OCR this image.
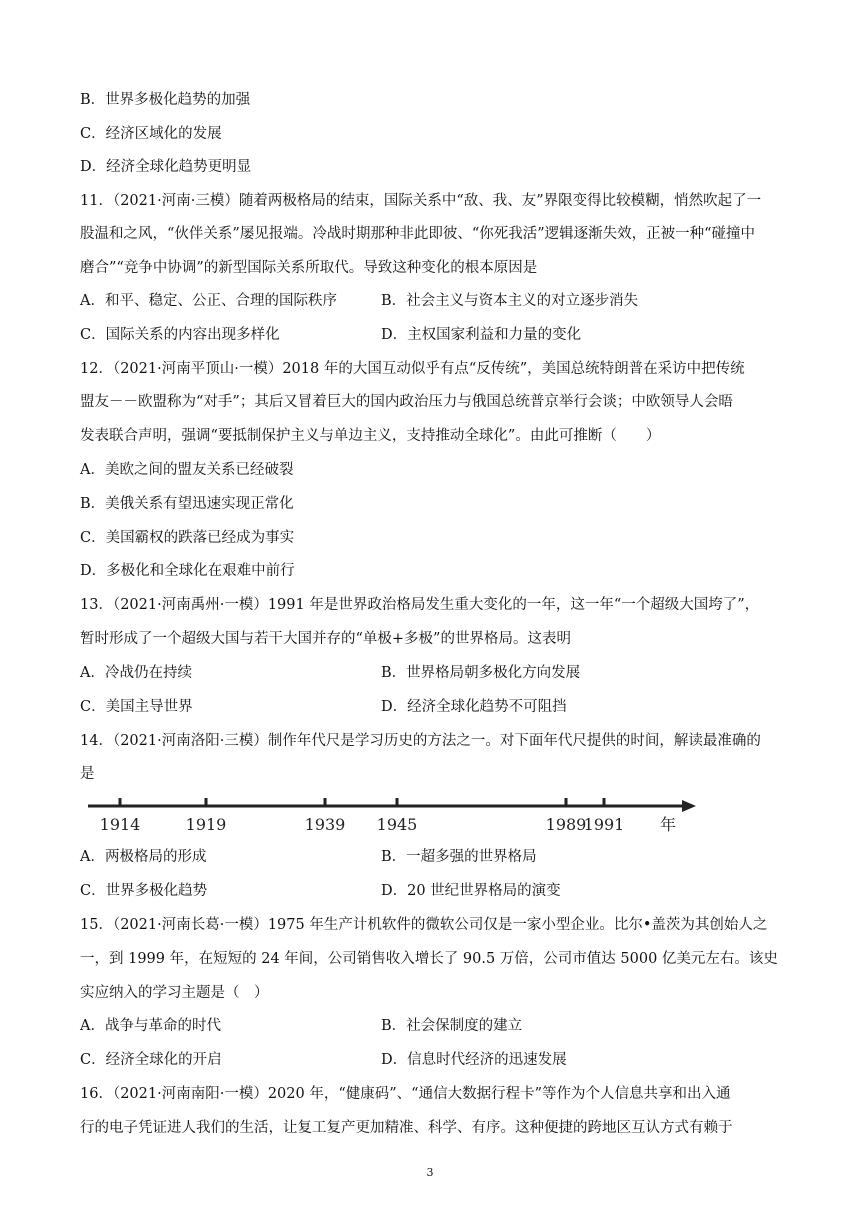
B．世界多极化趋势的加强
C．经济区域化的发展
D．经济全球化趋势更明显
11．（2021·河南·三模）随着两极格局的结束，国际关系中“敌、我、友”界限变得比较模糊，悄然吹起了一
股温和之风，“伙伴关系”屡见报端。冷战时期那种非此即彼、“你死我活”逻辑逐渐失效，正被一种“碰撞中
磨合”“竞争中协调”的新型国际关系所取代。导致这种变化的根本原因是
A．和平、稳定、公正、合理的国际秩序	B．社会主义与资本主义的对立逐步消失
C．国际关系的内容出现多样化	D．主权国家利益和力量的变化
12．（2021·河南平顶山·一模）2018 年的大国互动似乎有点“反传统”，美国总统特朗普在采访中把传统
盟友－－欧盟称为“对手”；其后又冒着巨大的国内政治压力与俄国总统普京举行会谈；中欧领导人会晤
发表联合声明，强调“要抵制保护主义与单边主义，支持推动全球化”。由此可推断（　　）
A．美欧之间的盟友关系已经破裂
B．美俄关系有望迅速实现正常化
C．美国霸权的跌落已经成为事实
D．多极化和全球化在艰难中前行
13．（2021·河南禹州·一模）1991 年是世界政治格局发生重大变化的一年，这一年“一个超级大国垮了”，
暂时形成了一个超级大国与若干大国并存的“单极+多极”的世界格局。这表明
A．冷战仍在持续	B．世界格局朝多极化方向发展
C．美国主导世界	D．经济全球化趋势不可阻挡
14．（2021·河南洛阳·三模）制作年代尺是学习历史的方法之一。对下面年代尺提供的时间，解读最准确的
是
1914	1919	1939 1945	1989
1991 年
A．两极格局的形成	B．一超多强的世界格局
C．世界多极化趋势	D．20 世纪世界格局的演变
15．（2021·河南长葛·一模）1975 年生产计机软件的微软公司仅是一家小型企业。比尔•盖茨为其创始人之
一，到 1999 年，在短短的 24 年间，公司销售收入增长了 90.5 万倍，公司市值达 5000 亿美元左右。该史
实应纳入的学习主题是（　）
A．战争与革命的时代	B．社会保制度的建立
C．经济全球化的开启	D．信息时代经济的迅速发展
16．（2021·河南南阳·一模）2020 年，“健康码”、“通信大数据行程卡”等作为个人信息共享和出入通
行的电子凭证进人我们的生活，让复工复产更加精准、科学、有序。这种便捷的跨地区互认方式有赖于
3
